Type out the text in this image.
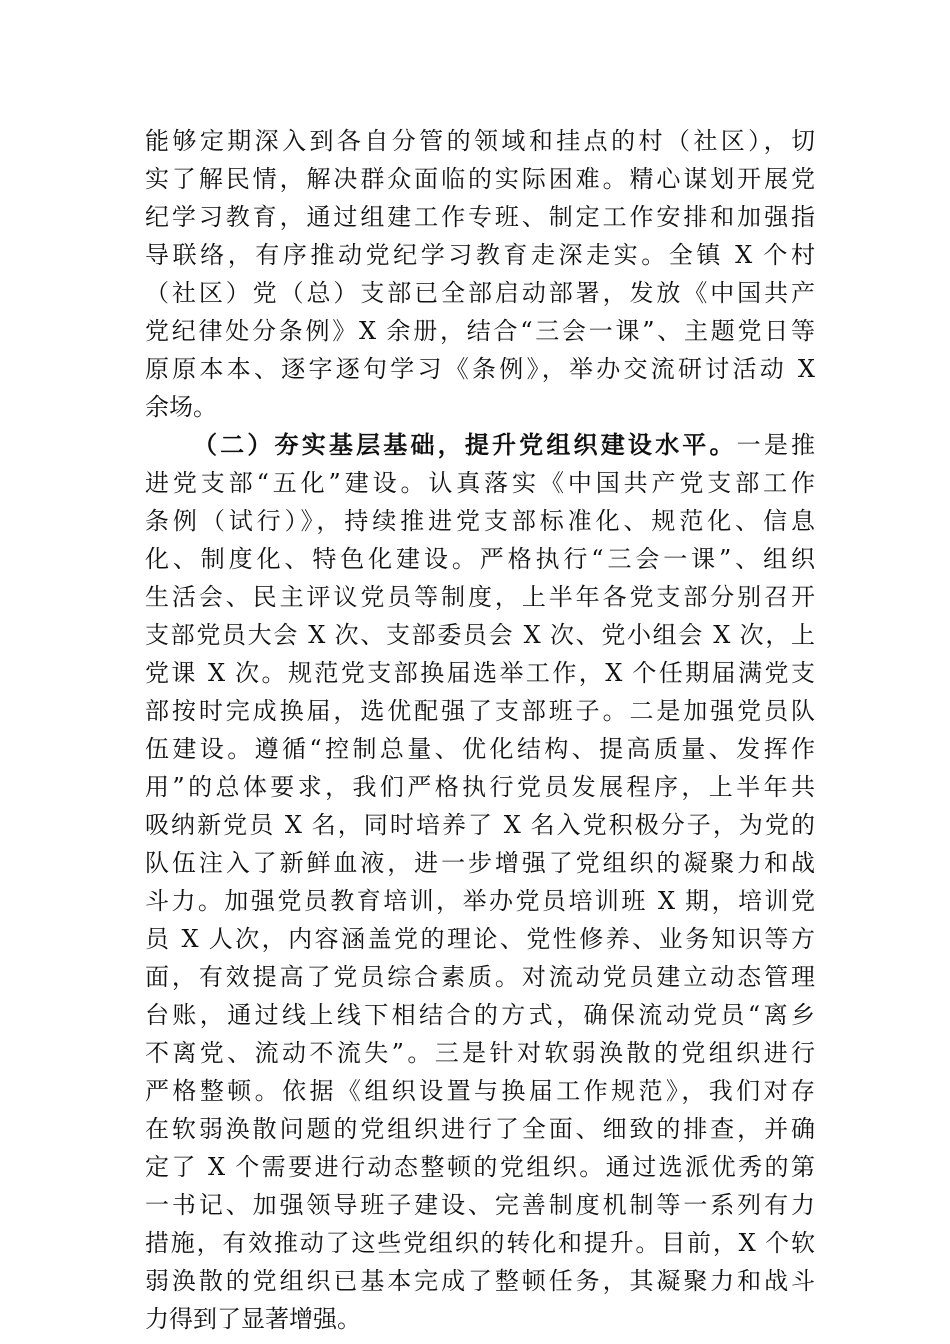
能够定期深入到各自分管的领域和挂点的村（社区），切
实了解民情，解决群众面临的实际困难。精心谋划开展党
纪学习教育，通过组建工作专班、制定工作安排和加强指
导联络，有序推动党纪学习教育走深走实。全镇 X 个村
（社区）党（总）支部已全部启动部署，发放《中国共产
党纪律处分条例》X 余册，结合“三会一课”、主题党日等
原原本本、逐字逐句学习《条例》，举办交流研讨活动 X
余场。
（二）夯实基层基础，提升党组织建设水平。一是推
进党支部“五化”建设。认真落实《中国共产党支部工作
条例（试行）》，持续推进党支部标准化、规范化、信息
化、制度化、特色化建设。严格执行“三会一课”、组织
生活会、民主评议党员等制度，上半年各党支部分别召开
支部党员大会 X 次、支部委员会 X 次、党小组会 X 次，上
党课 X 次。规范党支部换届选举工作，X 个任期届满党支
部按时完成换届，选优配强了支部班子。二是加强党员队
伍建设。遵循“控制总量、优化结构、提高质量、发挥作
用”的总体要求，我们严格执行党员发展程序，上半年共
吸纳新党员 X 名，同时培养了 X 名入党积极分子，为党的
队伍注入了新鲜血液，进一步增强了党组织的凝聚力和战
斗力。加强党员教育培训，举办党员培训班 X 期，培训党
员 X 人次，内容涵盖党的理论、党性修养、业务知识等方
面，有效提高了党员综合素质。对流动党员建立动态管理
台账，通过线上线下相结合的方式，确保流动党员“离乡
不离党、流动不流失”。三是针对软弱涣散的党组织进行
严格整顿。依据《组织设置与换届工作规范》，我们对存
在软弱涣散问题的党组织进行了全面、细致的排查，并确
定了 X 个需要进行动态整顿的党组织。通过选派优秀的第
一书记、加强领导班子建设、完善制度机制等一系列有力
措施，有效推动了这些党组织的转化和提升。目前，X 个软
弱涣散的党组织已基本完成了整顿任务，其凝聚力和战斗
力得到了显著增强。
